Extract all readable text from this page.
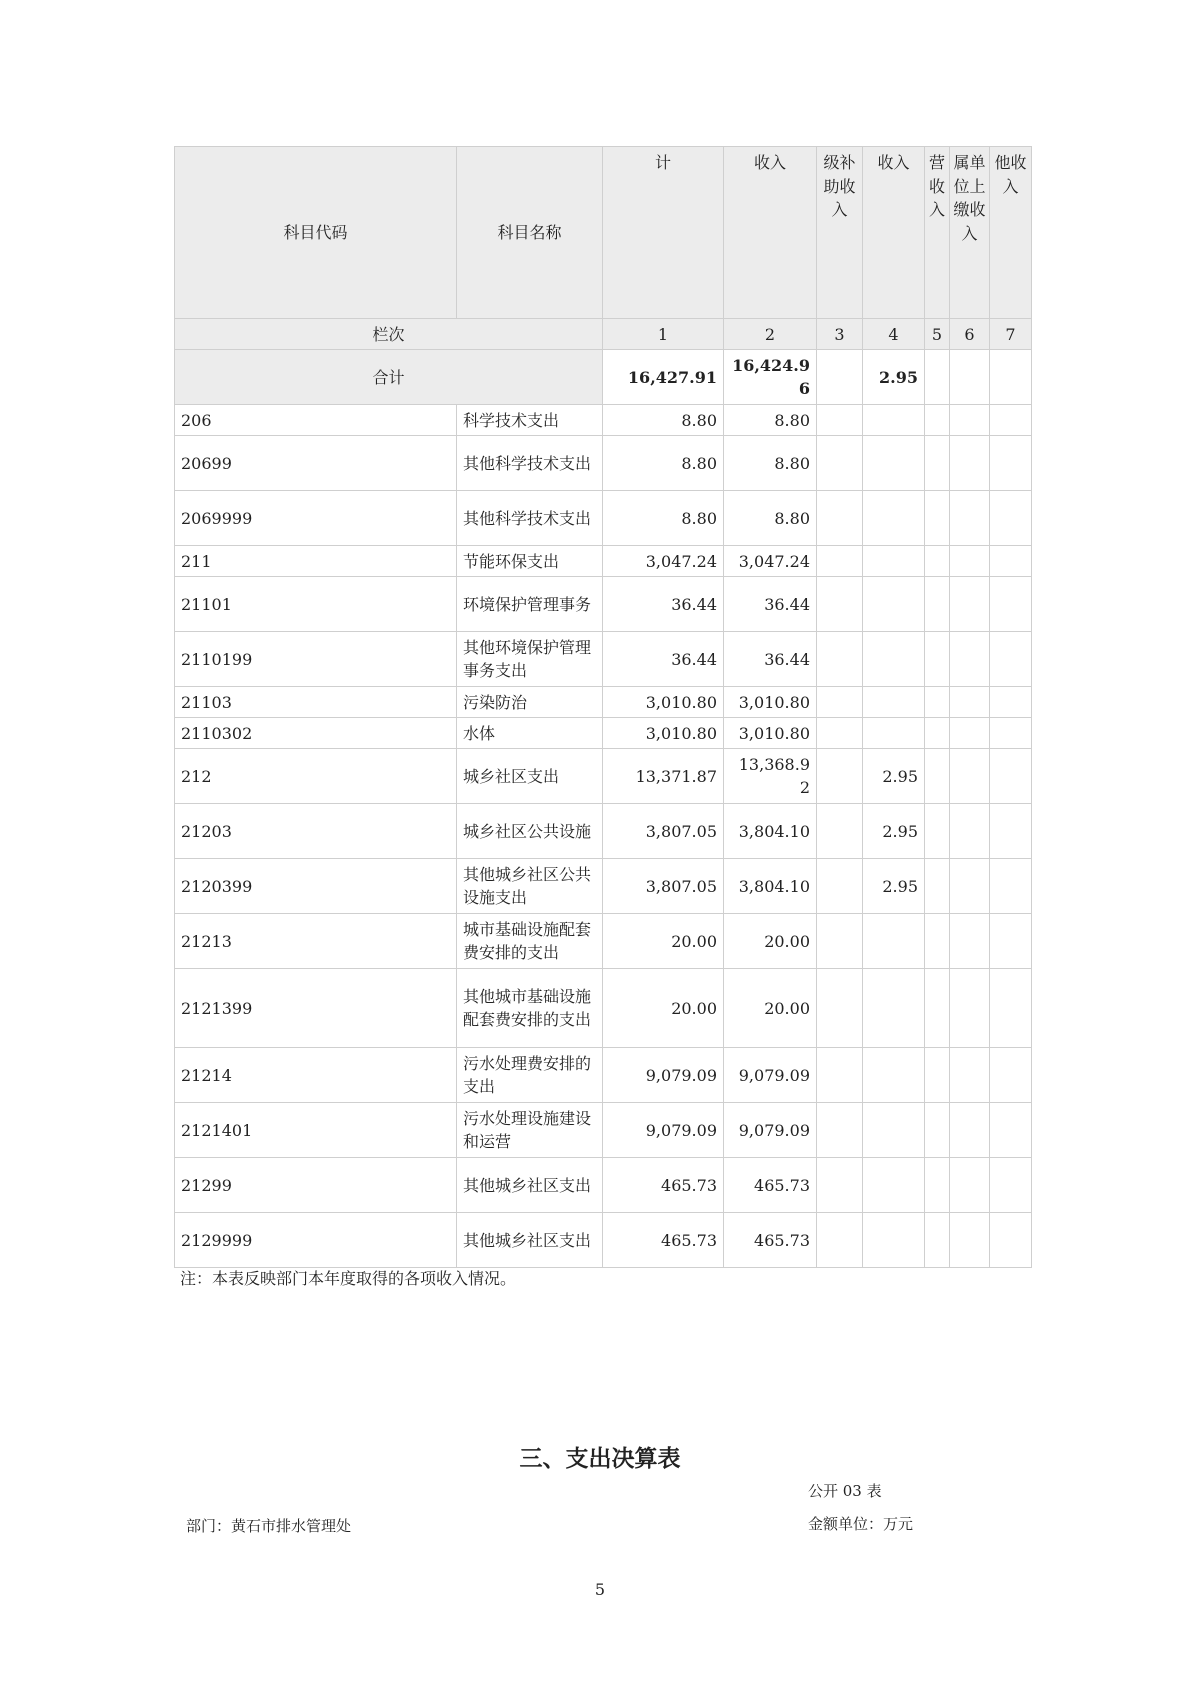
科目代码	科目名称	计	收入	级补助收入	收入	营收入	属单位上缴收入	他收入

栏次		1	2	3	4	5	6	7
合计		16,427.91	16,424.96		2.95			
206	科学技术支出	8.80	8.80					
20699	其他科学技术支出	8.80	8.80					
2069999	其他科学技术支出	8.80	8.80					
211	节能环保支出	3,047.24	3,047.24					
21101	环境保护管理事务	36.44	36.44					
2110199	其他环境保护管理事务支出	36.44	36.44					
21103	污染防治	3,010.80	3,010.80					
2110302	水体	3,010.80	3,010.80					
212	城乡社区支出	13,371.87	13,368.92		2.95			
21203	城乡社区公共设施	3,807.05	3,804.10		2.95			
2120399	其他城乡社区公共设施支出	3,807.05	3,804.10		2.95			
21213	城市基础设施配套费安排的支出	20.00	20.00					
2121399	其他城市基础设施配套费安排的支出	20.00	20.00					
21214	污水处理费安排的支出	9,079.09	9,079.09					
2121401	污水处理设施建设和运营	9,079.09	9,079.09					
21299	其他城乡社区支出	465.73	465.73					
2129999	其他城乡社区支出	465.73	465.73					
注：本表反映部门本年度取得的各项收入情况。
三、支出决算表
公开 03 表
金额单位：万元
部门：黄石市排水管理处
5
